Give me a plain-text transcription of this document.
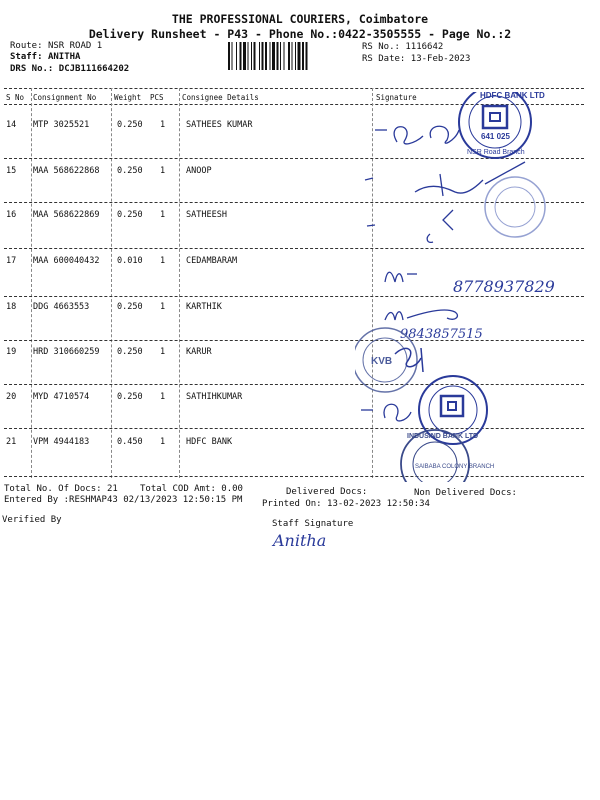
THE PROFESSIONAL COURIERS, Coimbatore
Delivery Runsheet - P43 - Phone No.:0422-3505555 - Page No.:2
Route: NSR ROAD 1
Staff: ANITHA
DRS No.: DCJB111664202
RS No.: 1116642
RS Date: 13-Feb-2023
S No Consignment No Weight PCS Consignee Details	Signature
14 MTP 3025521	0.250 1 SATHEES KUMAR
15 MAA 568622868 0.250 1 ANOOP
16 MAA 568622869 0.250 1 SATHEESH
17 MAA 600040432 0.010 1 CEDAMBARAM
18 DDG 4663553	0.250 1 KARTHIK
19 HRD 310660259 0.250 1 KARUR
20 MYD 4710574	0.250 1 SATHIHKUMAR
21 VPM 4944183	0.450 1 HDFC BANK
HDFC BANK LTD
641 025
NSR Road Branch
8778937829
9843857515
KVB
INDUSIND BANK LTD
SAIBABA COLONY BRANCH
Total No. Of Docs: 21 Total COD Amt: 0.00	Delivered Docs:	Non Delivered Docs:
Entered By :RESHMAP43 02/13/2023 12:50:15 PM Printed On: 13-02-2023 12:50:34
Verified By	Staff Signature
Anitha
